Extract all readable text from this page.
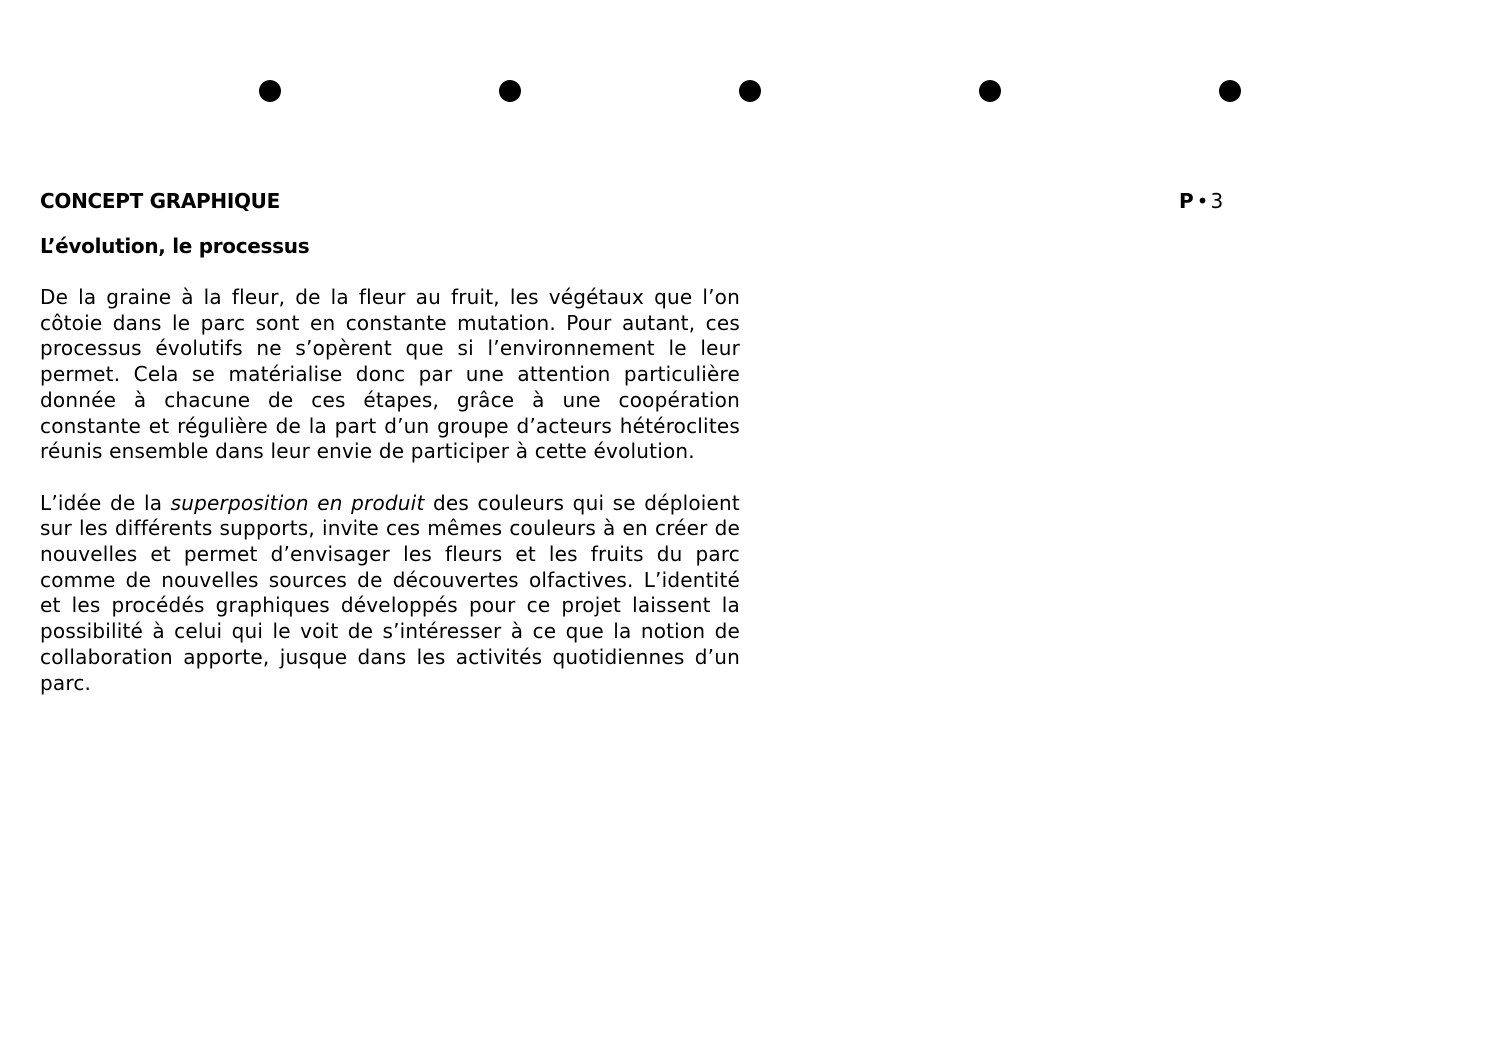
CONCEPT GRAPHIQUE	P • 3
L’évolution, le processus

De la graine à la fleur, de la fleur au fruit, les végétaux que l’on côtoie dans le parc sont en constante mutation. Pour autant, ces processus évolutifs ne s’opèrent que si l’environnement le leur permet. Cela se matérialise donc par une attention particulière donnée à chacune de ces étapes, grâce à une coopération constante et régulière de la part d’un groupe d’acteurs hétéroclites réunis ensemble dans leur envie de participer à cette évolution.

L’idée de la superposition en produit des couleurs qui se déploient sur les différents supports, invite ces mêmes couleurs à en créer de nouvelles et permet d’envisager les fleurs et les fruits du parc comme de nouvelles sources de découvertes olfactives. L’identité et les procédés graphiques développés pour ce projet laissent la possibilité à celui qui le voit de s’intéresser à ce que la notion de collaboration apporte, jusque dans les activités quotidiennes d’un parc.
